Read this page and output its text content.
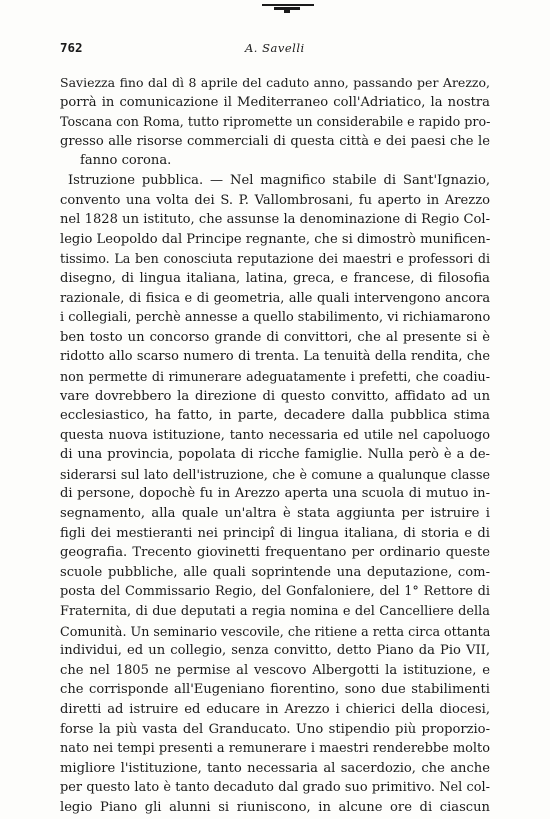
762	A. Savelli
Saviezza fino dal dì 8 aprile del caduto anno, passando per Arezzo,
porrà in comunicazione il Mediterraneo coll'Adriatico, la nostra
Toscana con Roma, tutto ripromette un considerabile e rapido pro-
gresso alle risorse commerciali di questa città e dei paesi che le
fanno corona.
Istruzione pubblica. — Nel magnifico stabile di Sant'Ignazio,
convento una volta dei S. P. Vallombrosani, fu aperto in Arezzo
nel 1828 un istituto, che assunse la denominazione di Regio Col-
legio Leopoldo dal Principe regnante, che si dimostrò munificen-
tissimo. La ben conosciuta reputazione dei maestri e professori di
disegno, di lingua italiana, latina, greca, e francese, di filosofia
razionale, di fisica e di geometria, alle quali intervengono ancora
i collegiali, perchè annesse a quello stabilimento, vi richiamarono
ben tosto un concorso grande di convittori, che al presente si è
ridotto allo scarso numero di trenta. La tenuità della rendita, che
non permette di rimunerare adeguatamente i prefetti, che coadiu-
vare dovrebbero la direzione di questo convitto, affidato ad un
ecclesiastico, ha fatto, in parte, decadere dalla pubblica stima
questa nuova istituzione, tanto necessaria ed utile nel capoluogo
di una provincia, popolata di ricche famiglie. Nulla però è a de-
siderarsi sul lato dell'istruzione, che è comune a qualunque classe
di persone, dopochè fu in Arezzo aperta una scuola di mutuo in-
segnamento, alla quale un'altra è stata aggiunta per istruire i
figli dei mestieranti nei principî di lingua italiana, di storia e di
geografia. Trecento giovinetti frequentano per ordinario queste
scuole pubbliche, alle quali soprintende una deputazione, com-
posta del Commissario Regio, del Gonfaloniere, del 1° Rettore di
Fraternita, di due deputati a regia nomina e del Cancelliere della
Comunità. Un seminario vescovile, che ritiene a retta circa ottanta
individui, ed un collegio, senza convitto, detto Piano da Pio VII,
che nel 1805 ne permise al vescovo Albergotti la istituzione, e
che corrisponde all'Eugeniano fiorentino, sono due stabilimenti
diretti ad istruire ed educare in Arezzo i chierici della diocesi,
forse la più vasta del Granducato. Uno stipendio più proporzio-
nato nei tempi presenti a remunerare i maestri renderebbe molto
migliore l'istituzione, tanto necessaria al sacerdozio, che anche
per questo lato è tanto decaduto dal grado suo primitivo. Nel col-
legio Piano gli alunni si riuniscono, in alcune ore di ciascun
